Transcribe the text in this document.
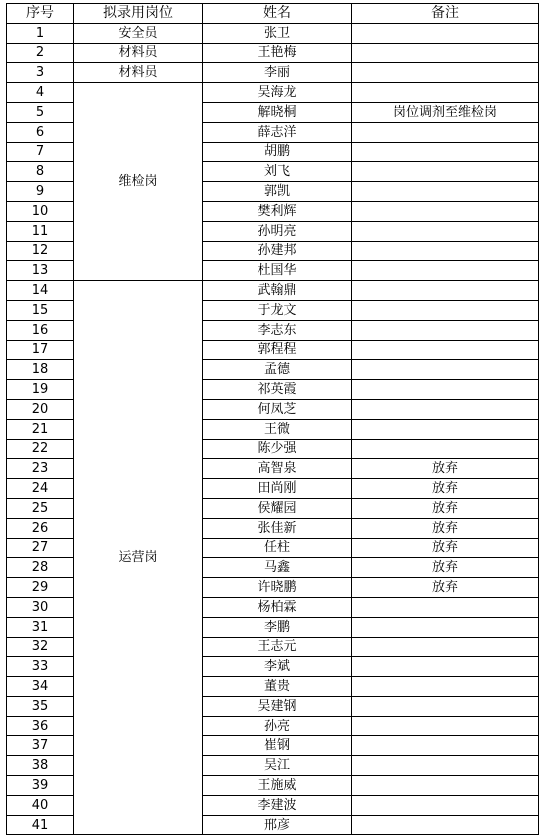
序号	拟录用岗位	姓名	备注
1	安全员	张卫	
2	材料员	王艳梅	
3	材料员	李丽	
4	维检岗	吴海龙	
5		解晓桐	岗位调剂至维检岗
6		薛志洋	
7		胡鹏	
8		刘飞	
9		郭凯	
10		樊利辉	
11		孙明亮	
12		孙建邦	
13		杜国华	
14	运营岗	武翰鼎	
15		于龙文	
16		李志东	
17		郭程程	
18		孟德	
19		祁英霞	
20		何凤芝	
21		王微	
22		陈少强	
23		高智泉	放弃
24		田尚刚	放弃
25		侯耀园	放弃
26		张佳新	放弃
27		任柱	放弃
28		马鑫	放弃
29		许晓鹏	放弃
30		杨柏霖	
31		李鹏	
32		王志元	
33		李斌	
34		董贵	
35		吴建钢	
36		孙亮	
37		崔钢	
38		吴江	
39		王施威	
40		李建波	
41		邢彦	
